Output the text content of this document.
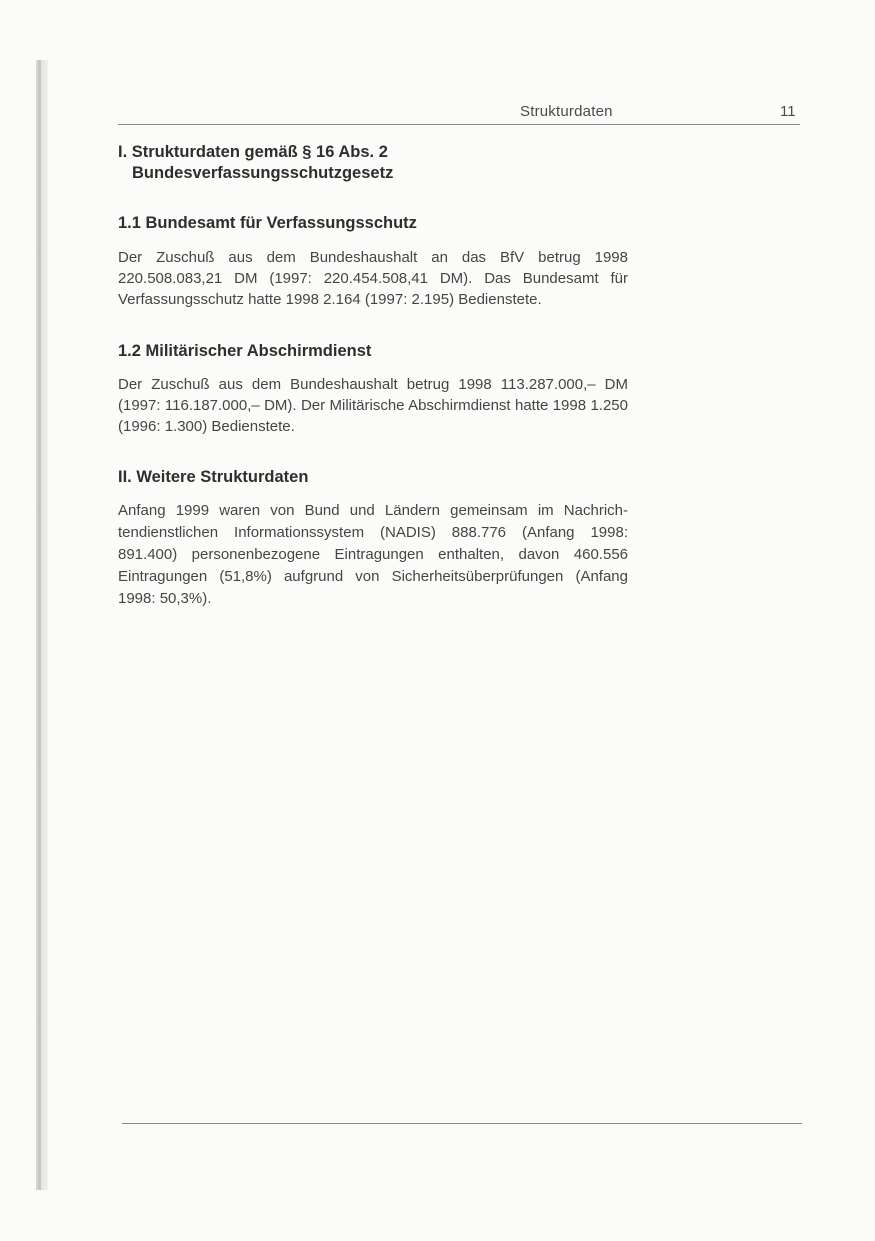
Strukturdaten	11
I. Strukturdaten gemäß § 16 Abs. 2
Bundesverfassungsschutzgesetz
1.1 Bundesamt für Verfassungsschutz

Der Zuschuß aus dem Bundeshaushalt an das BfV betrug 1998 220.508.083,21 DM (1997: 220.454.508,41 DM). Das Bundesamt für Verfassungsschutz hatte 1998 2.164 (1997: 2.195) Bedienstete.

1.2 Militärischer Abschirmdienst

Der Zuschuß aus dem Bundeshaushalt betrug 1998 113.287.000,– DM (1997: 116.187.000,– DM). Der Militärische Abschirmdienst hatte 1998 1.250 (1996: 1.300) Bedienstete.

II. Weitere Strukturdaten

Anfang 1999 waren von Bund und Ländern gemeinsam im Nachrichtendienstlichen Informationssystem (NADIS) 888.776 (Anfang 1998: 891.400) personenbezogene Eintragungen enthalten, davon 460.556 Eintragungen (51,8%) aufgrund von Sicherheitsüberprüfungen (Anfang 1998: 50,3%).
